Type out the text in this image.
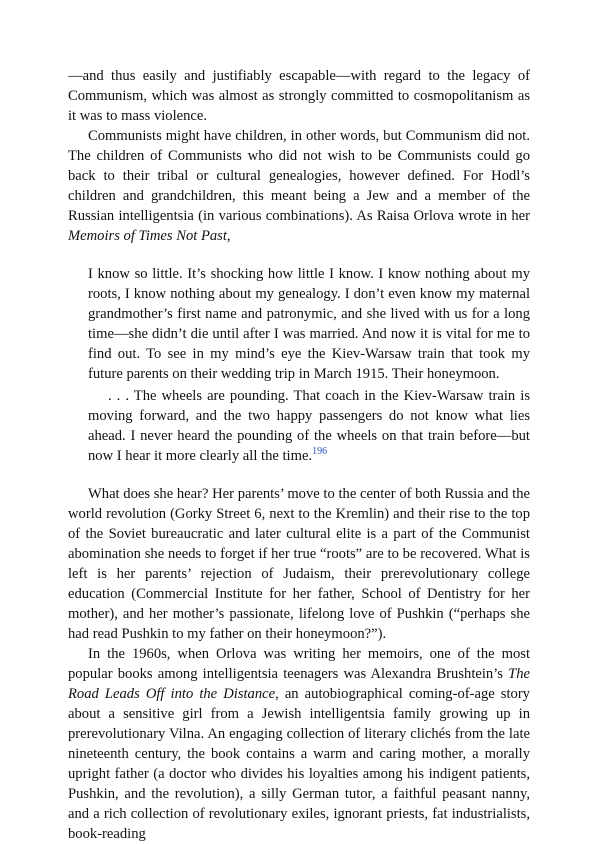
—and thus easily and justifiably escapable—with regard to the legacy of Communism, which was almost as strongly committed to cosmopolitanism as it was to mass violence.

Communists might have children, in other words, but Communism did not. The children of Communists who did not wish to be Communists could go back to their tribal or cultural genealogies, however defined. For Hodl’s children and grandchildren, this meant being a Jew and a member of the Russian intelligentsia (in various combinations). As Raisa Orlova wrote in her Memoirs of Times Not Past,

I know so little. It’s shocking how little I know. I know nothing about my roots, I know nothing about my genealogy. I don’t even know my maternal grandmother’s first name and patronymic, and she lived with us for a long time—she didn’t die until after I was married. And now it is vital for me to find out. To see in my mind’s eye the Kiev-Warsaw train that took my future parents on their wedding trip in March 1915. Their honeymoon.

. . . The wheels are pounding. That coach in the Kiev-Warsaw train is moving forward, and the two happy passengers do not know what lies ahead. I never heard the pounding of the wheels on that train before—but now I hear it more clearly all the time.$^{196}$

What does she hear? Her parents’ move to the center of both Russia and the world revolution (Gorky Street 6, next to the Kremlin) and their rise to the top of the Soviet bureaucratic and later cultural elite is a part of the Communist abomination she needs to forget if her true “roots” are to be recovered. What is left is her parents’ rejection of Judaism, their prerevolutionary college education (Commercial Institute for her father, School of Dentistry for her mother), and her mother’s passionate, lifelong love of Pushkin (“perhaps she had read Pushkin to my father on their honeymoon?”).

In the 1960s, when Orlova was writing her memoirs, one of the most popular books among intelligentsia teenagers was Alexandra Brushtein’s The Road Leads Off into the Distance, an autobiographical coming-of-age story about a sensitive girl from a Jewish intelligentsia family growing up in prerevolutionary Vilna. An engaging collection of literary clichés from the late nineteenth century, the book contains a warm and caring mother, a morally upright father (a doctor who divides his loyalties among his indigent patients, Pushkin, and the revolution), a silly German tutor, a faithful peasant nanny, and a rich collection of revolutionary exiles, ignorant priests, fat industrialists, book-reading
